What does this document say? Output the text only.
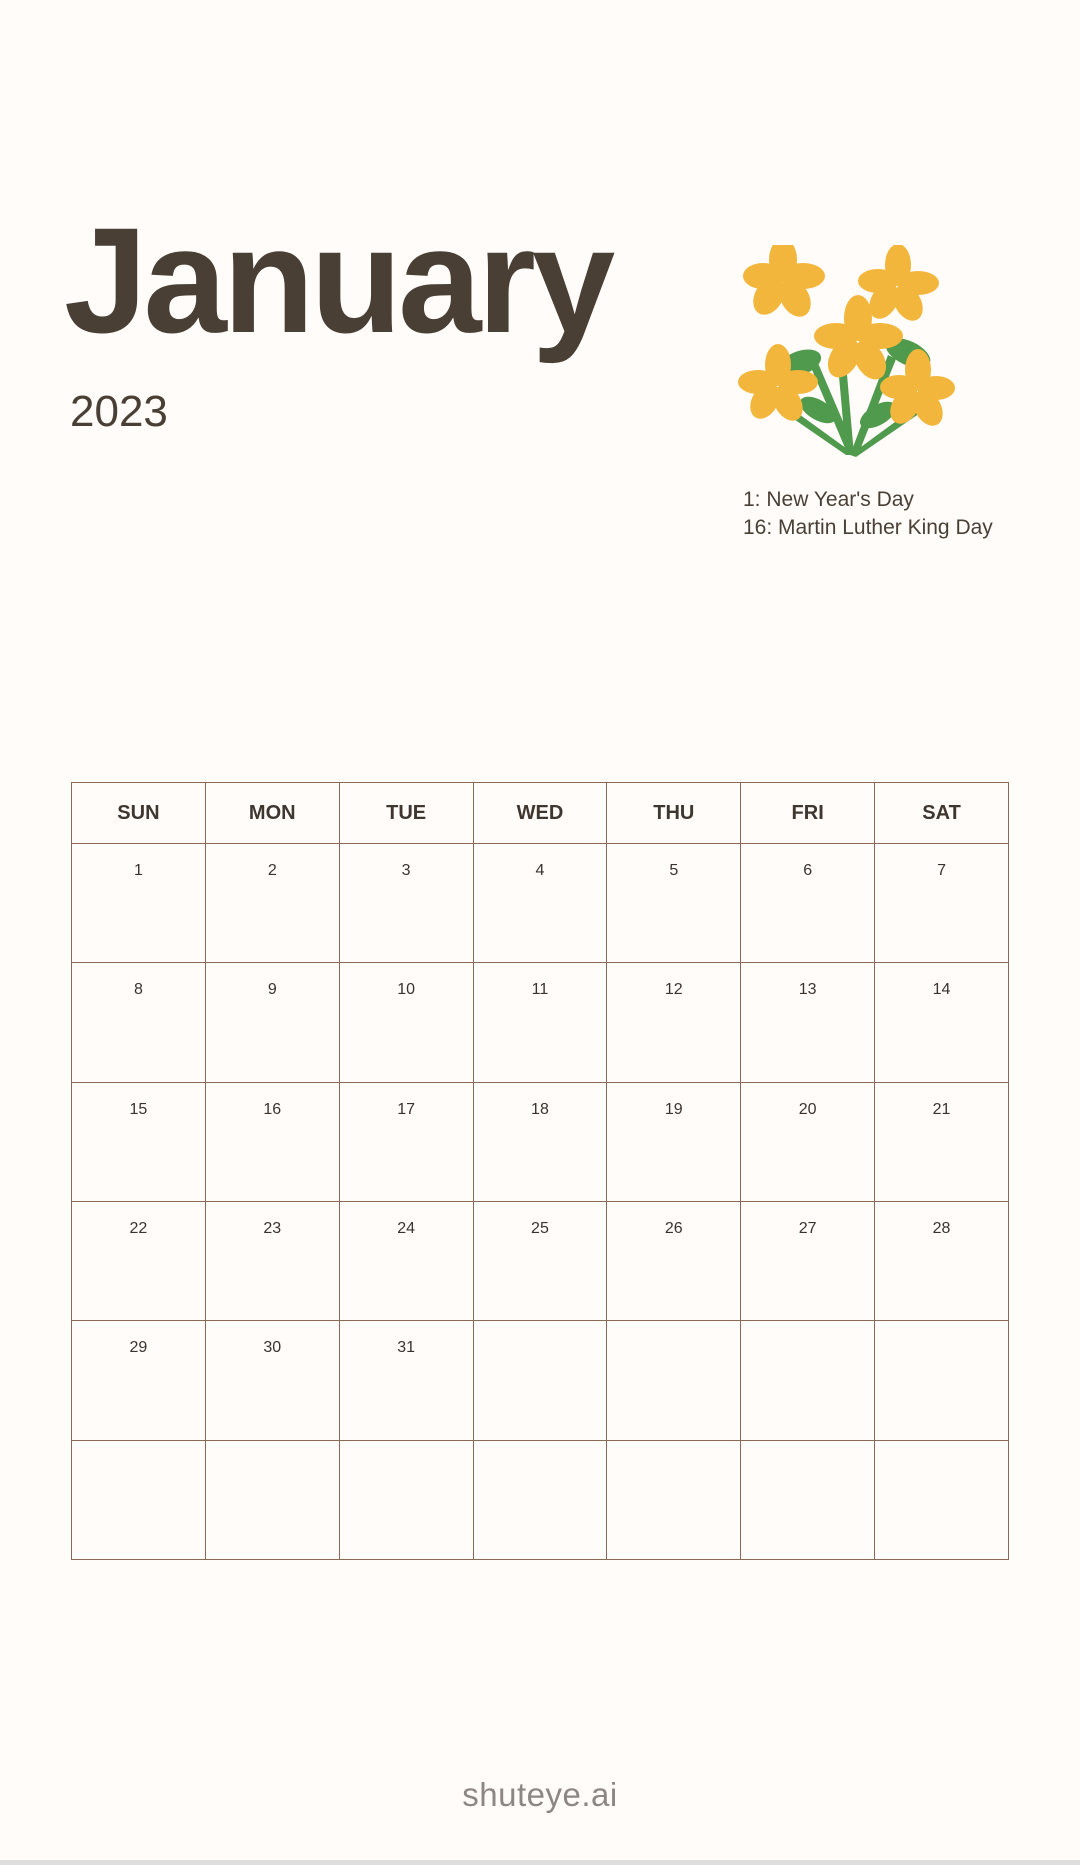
January
2023
1: New Year's Day
16: Martin Luther King Day
SUN	MON	TUE	WED	THU	FRI	SAT

1	2	3	4	5	6	7

8	9	10	11	12	13	14

15	16	17	18	19	20	21

22	23	24	25	26	27	28

29	30	31				

shuteye.ai
